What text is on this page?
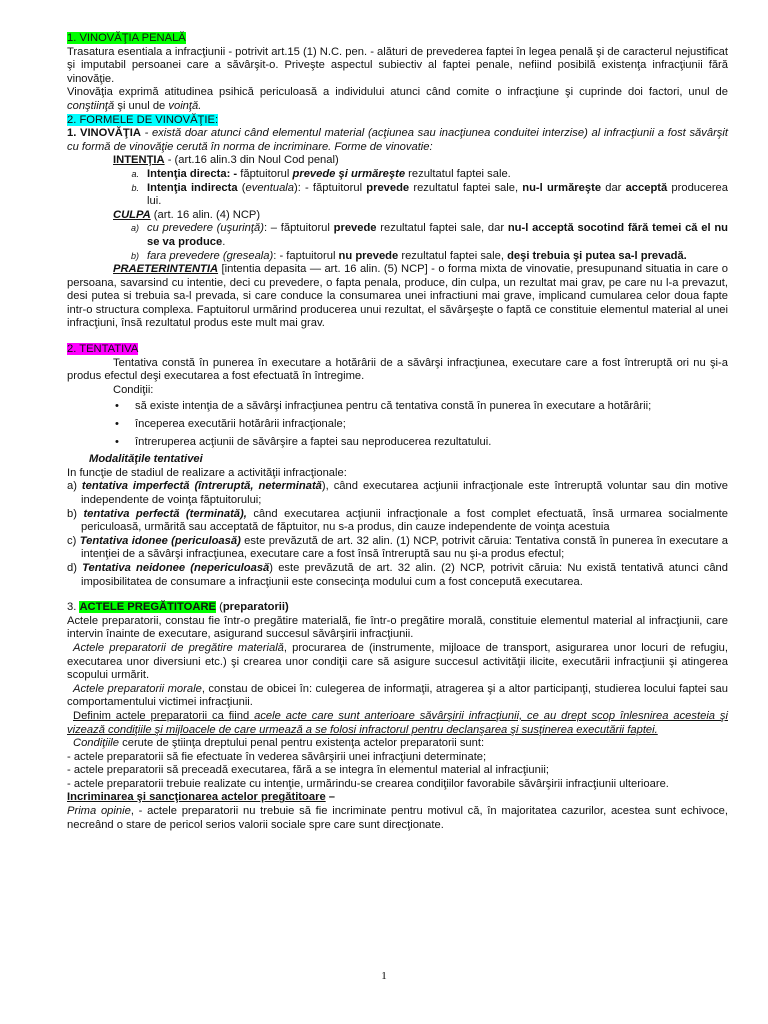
1. VINOVĂŢIA PENALĂ

Trasatura esentiala a infracţiunii - potrivit art.15 (1) N.C. pen. - alături de prevederea faptei în legea penală şi de caracterul nejustificat şi imputabil persoanei care a săvârşit-o. Priveşte aspectul subiectiv al faptei penale, nefiind posibilă existenţa infracţiunii fără vinovăţie.

Vinovăţia exprimă atitudinea psihică periculoasă a individului atunci când comite o infracţiune şi cuprinde doi factori, unul de conştiinţă şi unul de voinţă.

2. FORMELE DE VINOVĂŢIE:

1. VINOVĂŢIA - există doar atunci când elementul material (acţiunea sau inacţiunea conduitei interzise) al infracţiunii a fost săvârşit cu formă de vinovăţie cerută în norma de incriminare. Forme de vinovatie:

INTENŢIA - (art.16 alin.3 din Noul Cod penal)

a. Intenţia directa: - făptuitorul prevede şi urmăreşte rezultatul faptei sale.
b. Intenţia indirecta (eventuala): - făptuitorul prevede rezultatul faptei sale, nu-l urmăreşte dar acceptă producerea lui.

CULPA (art. 16 alin. (4) NCP)

a) cu prevedere (uşurinţă): – făptuitorul prevede rezultatul faptei sale, dar nu-l acceptă socotind fără temei că el nu se va produce.
b) fara prevedere (greseala): - faptuitorul nu prevede rezultatul faptei sale, deşi trebuia şi putea sa-l prevadă.

PRAETERINTENTIA [intentia depasita — art. 16 alin. (5) NCP] - o forma mixta de vinovatie, presupunand situatia in care o persoana, savarsind cu intentie, deci cu prevedere, o fapta penala, produce, din culpa, un rezultat mai grav, pe care nu l-a prevazut, desi putea si trebuia sa-l prevada, si care conduce la consumarea unei infractiuni mai grave, implicand cumularea celor doua fapte intr-o structura complexa. Faptuitorul urmărind producerea unui rezultat, el săvârşeşte o faptă ce constituie elementul material al unei infracţiuni, însă rezultatul produs este mult mai grav.

2. TENTATIVA

Tentativa constă în punerea în executare a hotărârii de a săvârşi infracţiunea, executare care a fost întreruptă ori nu şi-a produs efectul deşi executarea a fost efectuată în întregime.

Condiţii:

•	să existe intenţia de a săvârşi infracţiunea pentru că tentativa constă în punerea în executare a hotărârii;
•	începerea executării hotărârii infracţionale;
•	întreruperea acţiunii de săvârşire a faptei sau neproducerea rezultatului.

Modalităţile tentativei

In funcţie de stadiul de realizare a activităţii infracţionale:

a) tentativa imperfectă (întreruptă, neterminată), când executarea acţiunii infracţionale este întreruptă voluntar sau din motive independente de voinţa făptuitorului;

b) tentativa perfectă (terminată), când executarea acţiunii infracţionale a fost complet efectuată, însă urmarea socialmente periculoasă, urmărită sau acceptată de făptuitor, nu s-a produs, din cauze independente de voinţa acestuia

c) Tentativa idonee (periculoasă) este prevăzută de art. 32 alin. (1) NCP, potrivit căruia: Tentativa constă în punerea în executare a intenţiei de a săvârşi infracţiunea, executare care a fost însă întreruptă sau nu şi-a produs efectul;

d) Tentativa neidonee (nepericuloasă) este prevăzută de art. 32 alin. (2) NCP, potrivit căruia: Nu există tentativă atunci când imposibilitatea de consumare a infracţiunii este consecinţa modului cum a fost concepută executarea.

3. ACTELE PREGĂTITOARE (preparatorii)

Actele preparatorii, constau fie într-o pregătire materială, fie într-o pregătire morală, constituie elementul material al infracţiunii, care intervin înainte de executare, asigurand succesul săvârşirii infracţiunii.

Actele preparatorii de pregătire materială, procurarea de (instrumente, mijloace de transport, asigurarea unor locuri de refugiu, executarea unor diversiuni etc.) şi crearea unor condiţii care să asigure succesul activităţii ilicite, executării infracţiunii şi atingerea scopului urmărit.

Actele preparatorii morale, constau de obicei în: culegerea de informaţii, atragerea şi a altor participanţi, studierea locului faptei sau comportamentului victimei infracţiunii.

Definim actele preparatorii ca fiind acele acte care sunt anterioare săvârşirii infracţiunii, ce au drept scop înlesnirea acesteia şi vizează condiţiile şi mijloacele de care urmează a se folosi infractorul pentru declanşarea şi susţinerea executării faptei.

Condiţiile cerute de ştiinţa dreptului penal pentru existenţa actelor preparatorii sunt:

- actele preparatorii să fie efectuate în vederea săvârşirii unei infracţiuni determinate;

- actele preparatorii să preceadă executarea, fără a se integra în elementul material al infracţiunii;

- actele preparatorii trebuie realizate cu intenţie, urmărindu-se crearea condiţiilor favorabile săvârşirii infracţiunii ulterioare.

Incriminarea şi sancţionarea actelor pregătitoare –

Prima opinie, - actele preparatorii nu trebuie să fie incriminate pentru motivul că, în majoritatea cazurilor, acestea sunt echivoce, necreând o stare de pericol serios valorii sociale spre care sunt direcţionate.

1
